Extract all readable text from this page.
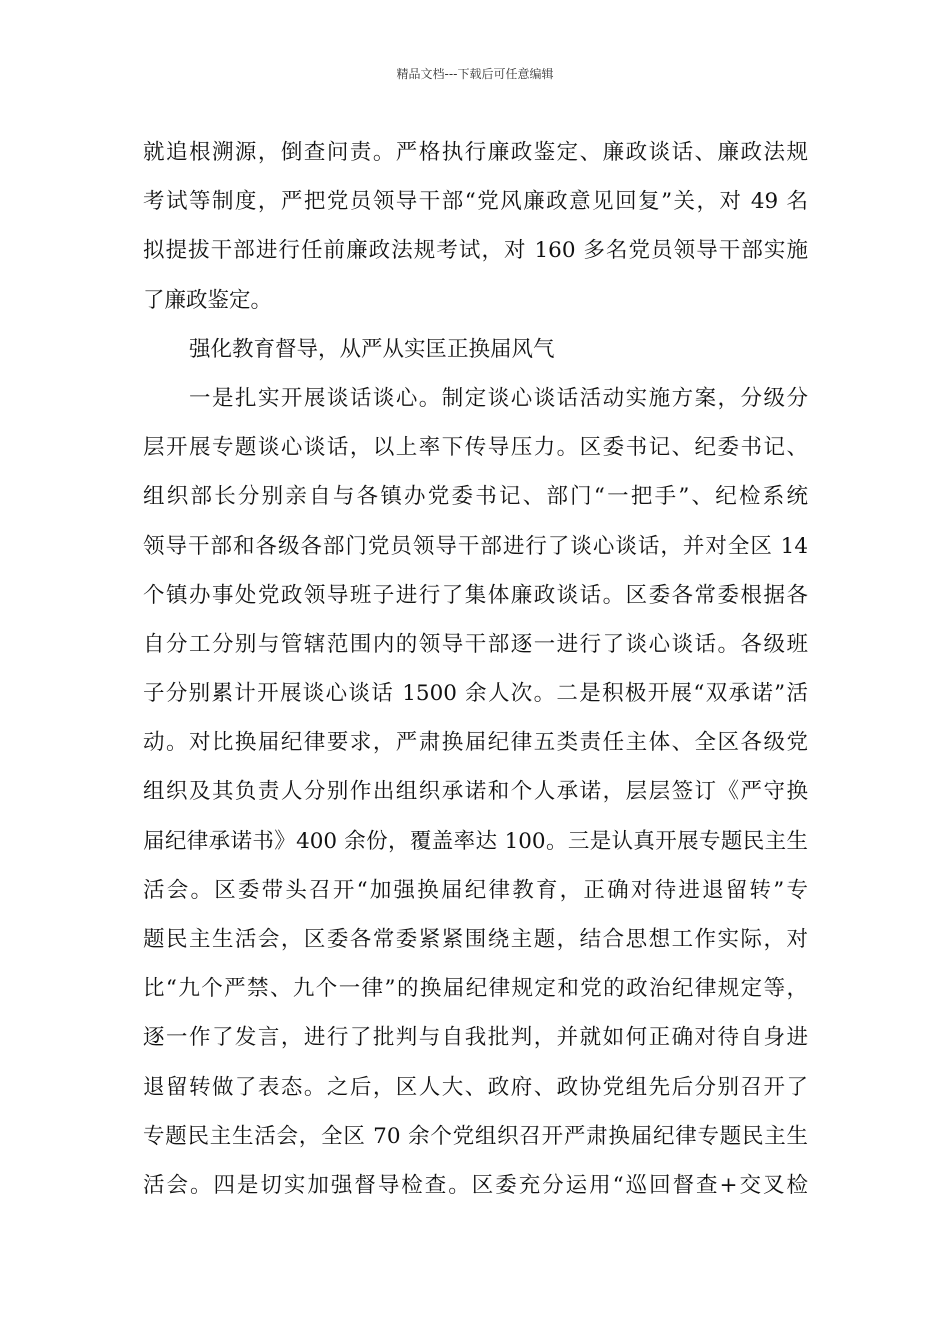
精品文档---下载后可任意编辑
就追根溯源，倒查问责。严格执行廉政鉴定、廉政谈话、廉政法规
考试等制度，严把党员领导干部“党风廉政意见回复”关，对 49 名
拟提拔干部进行任前廉政法规考试，对 160 多名党员领导干部实施
了廉政鉴定。
强化教育督导，从严从实匡正换届风气
一是扎实开展谈话谈心。制定谈心谈话活动实施方案，分级分
层开展专题谈心谈话，以上率下传导压力。区委书记、纪委书记、
组织部长分别亲自与各镇办党委书记、部门“一把手”、纪检系统
领导干部和各级各部门党员领导干部进行了谈心谈话，并对全区 14
个镇办事处党政领导班子进行了集体廉政谈话。区委各常委根据各
自分工分别与管辖范围内的领导干部逐一进行了谈心谈话。各级班
子分别累计开展谈心谈话 1500 余人次。二是积极开展“双承诺”活
动。对比换届纪律要求，严肃换届纪律五类责任主体、全区各级党
组织及其负责人分别作出组织承诺和个人承诺，层层签订《严守换
届纪律承诺书》400 余份，覆盖率达 100。三是认真开展专题民主生
活会。区委带头召开“加强换届纪律教育，正确对待进退留转”专
题民主生活会，区委各常委紧紧围绕主题，结合思想工作实际，对
比“九个严禁、九个一律”的换届纪律规定和党的政治纪律规定等，
逐一作了发言，进行了批判与自我批判，并就如何正确对待自身进
退留转做了表态。之后，区人大、政府、政协党组先后分别召开了
专题民主生活会，全区 70 余个党组织召开严肃换届纪律专题民主生
活会。四是切实加强督导检查。区委充分运用“巡回督查+交叉检
